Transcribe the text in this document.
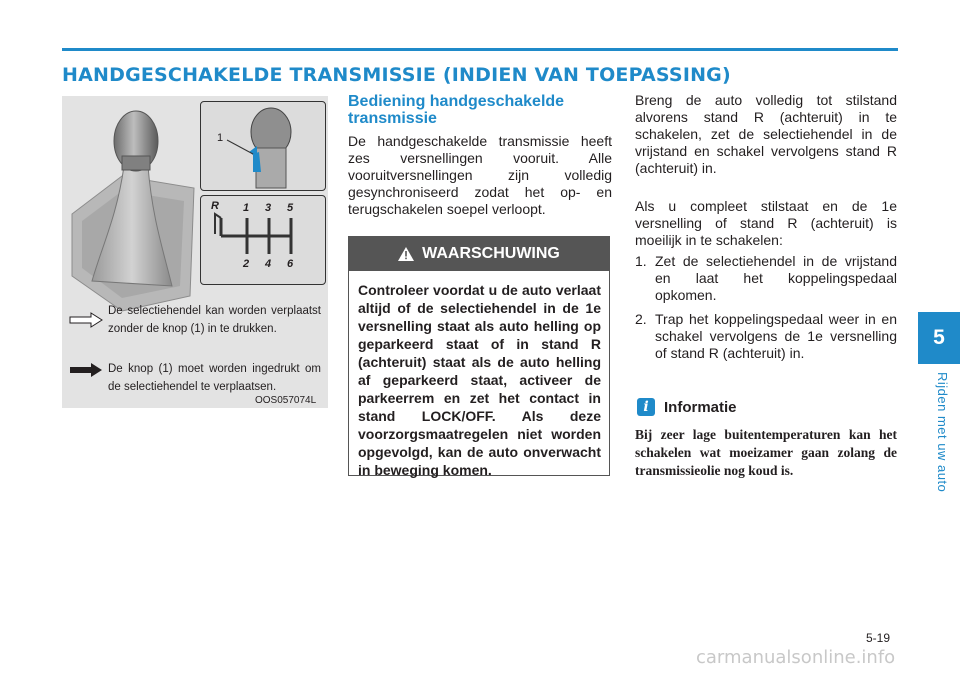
HANDGESCHAKELDE TRANSMISSIE (INDIEN VAN TOEPASSING)
1
R 1 3 5
2 4 6
De selectiehendel kan worden verplaatst zonder de knop (1) in te drukken.
De knop (1) moet worden ingedrukt om de selectiehendel te verplaatsen.
OOS057074L
Bediening handgeschakelde transmissie

De handgeschakelde transmissie heeft zes versnellingen vooruit. Alle vooruitversnellingen zijn volledig gesynchroniseerd zodat het op- en terugschakelen soepel verloopt.

WAARSCHUWING

Controleer voordat u de auto verlaat altijd of de selectiehendel in de 1e versnelling staat als auto helling op geparkeerd staat of in stand R (achteruit) staat als de auto helling af geparkeerd staat, activeer de parkeerrem en zet het contact in stand LOCK/OFF. Als deze voorzorgsmaatregelen niet worden opgevolgd, kan de auto onverwacht in beweging komen.

Breng de auto volledig tot stilstand alvorens stand R (achteruit) in te schakelen, zet de selectiehendel in de vrijstand en schakel vervolgens stand R (achteruit) in.

Als u compleet stilstaat en de 1e versnelling of stand R (achteruit) is moeilijk in te schakelen:

1. Zet de selectiehendel in de vrijstand en laat het koppelingspedaal opkomen.
2. Trap het koppelingspedaal weer in en schakel vervolgens de 1e versnelling of stand R (achteruit) in.
i	Informatie

Bij zeer lage buitentemperaturen kan het schakelen wat moeizamer gaan zolang de transmissieolie nog koud is.

5
Rijden met uw auto
5-19
carmanualsonline.info
